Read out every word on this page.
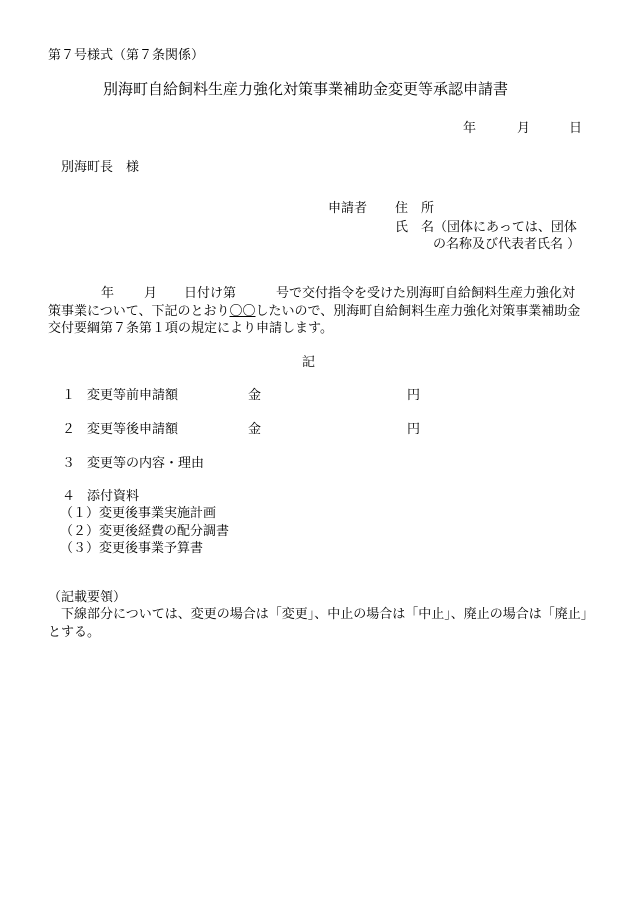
第７号様式（第７条関係）
別海町自給飼料生産力強化対策事業補助金変更等承認申請書
年	月	日
別海町長　様
申請者 住　所
氏　名（団体にあっては、団体
の名称及び代表者氏名 ）
年 月 日付け第	号で交付指令を受けた別海町自給飼料生産力強化対策事業について、下記のとおり〇〇したいので、別海町自給飼料生産力強化対策事業補助金交付要綱第７条第１項の規定により申請します。
記
１ 変更等前申請額	金	円
２ 変更等後申請額	金	円
３ 変更等の内容・理由
４ 添付資料
（１）変更後事業実施計画
（２）変更後経費の配分調書
（３）変更後事業予算書
（記載要領）
　下線部分については、変更の場合は「変更」、中止の場合は「中止」、廃止の場合は「廃止」とする。
